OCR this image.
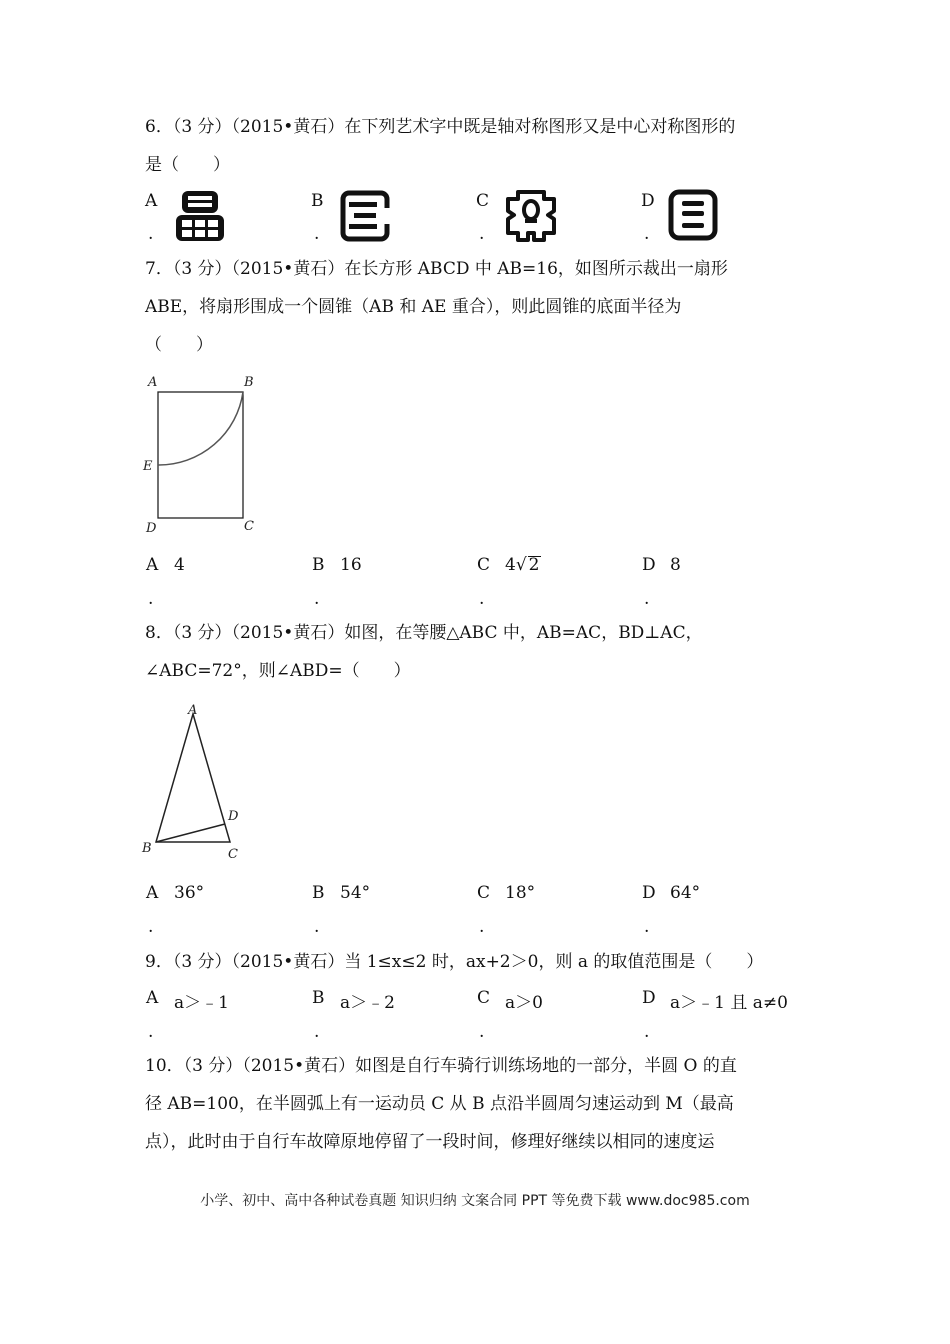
6．（3 分）（2015•黄石）在下列艺术字中既是轴对称图形又是中心对称图形的
是（　　）
A
.
B
.
C
.
D
.
7．（3 分）（2015•黄石）在长方形 ABCD 中 AB=16，如图所示裁出一扇形
ABE，将扇形围成一个圆锥（AB 和 AE 重合），则此圆锥的底面半径为
（　　）
A	B
C
D
E
A 4
.
B 16
.
C 4√ 2
.
D 8
.
8．（3 分）（2015•黄石）如图，在等腰△ABC 中，AB=AC，BD⊥AC，
∠ABC=72°，则∠ABD=（　　）
A
B	C
D
A 36°
.
B 54°
.
C 18°
.
D 64°
.
9．（3 分）（2015•黄石）当 1≤x≤2 时，ax+2＞0，则 a 的取值范围是（　　）
A a＞﹣1
.
B a＞﹣2
.
C a＞0
.
D a＞﹣1 且 a≠0
.
10．（3 分）（2015•黄石）如图是自行车骑行训练场地的一部分，半圆 O 的直
径 AB=100，在半圆弧上有一运动员 C 从 B 点沿半圆周匀速运动到 M（最高
点），此时由于自行车故障原地停留了一段时间，修理好继续以相同的速度运
小学、初中、高中各种试卷真题 知识归纳 文案合同 PPT 等免费下载 www.doc985.com
